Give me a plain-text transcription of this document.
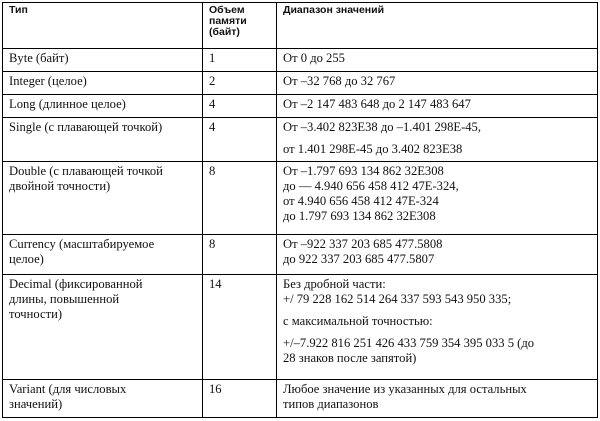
Тип	Объем
памяти
(байт)	Диапазон значений

Byte (байт)	1	От 0 до 255

Integer (целое)	2	От –32 768 до 32 767

Long (длинное целое)	4	От –2 147 483 648 до 2 147 483 647

Single (с плавающей точкой)	4	От –3.402 823Е38 до –1.401 298Е-45,
от 1.401 298Е-45 до 3.402 823Е38

Double (с плавающей точкой
двойной точности)	8	От –1.797 693 134 862 32Е308
до — 4.940 656 458 412 47Е-324,
от 4.940 656 458 412 47Е-324
до 1.797 693 134 862 32Е308

Currency (масштабируемое
целое)	8	От –922 337 203 685 477.5808
до 922 337 203 685 477.5807

Decimal (фиксированной
длины, повышенной
точности)	14	Без дробной части:
+/ 79 228 162 514 264 337 593 543 950 335;
с максимальной точностью:
+/–7.922 816 251 426 433 759 354 395 033 5 (до
28 знаков после запятой)

Variant (для числовых
значений)	16	Любое значение из указанных для остальных
типов диапазонов
